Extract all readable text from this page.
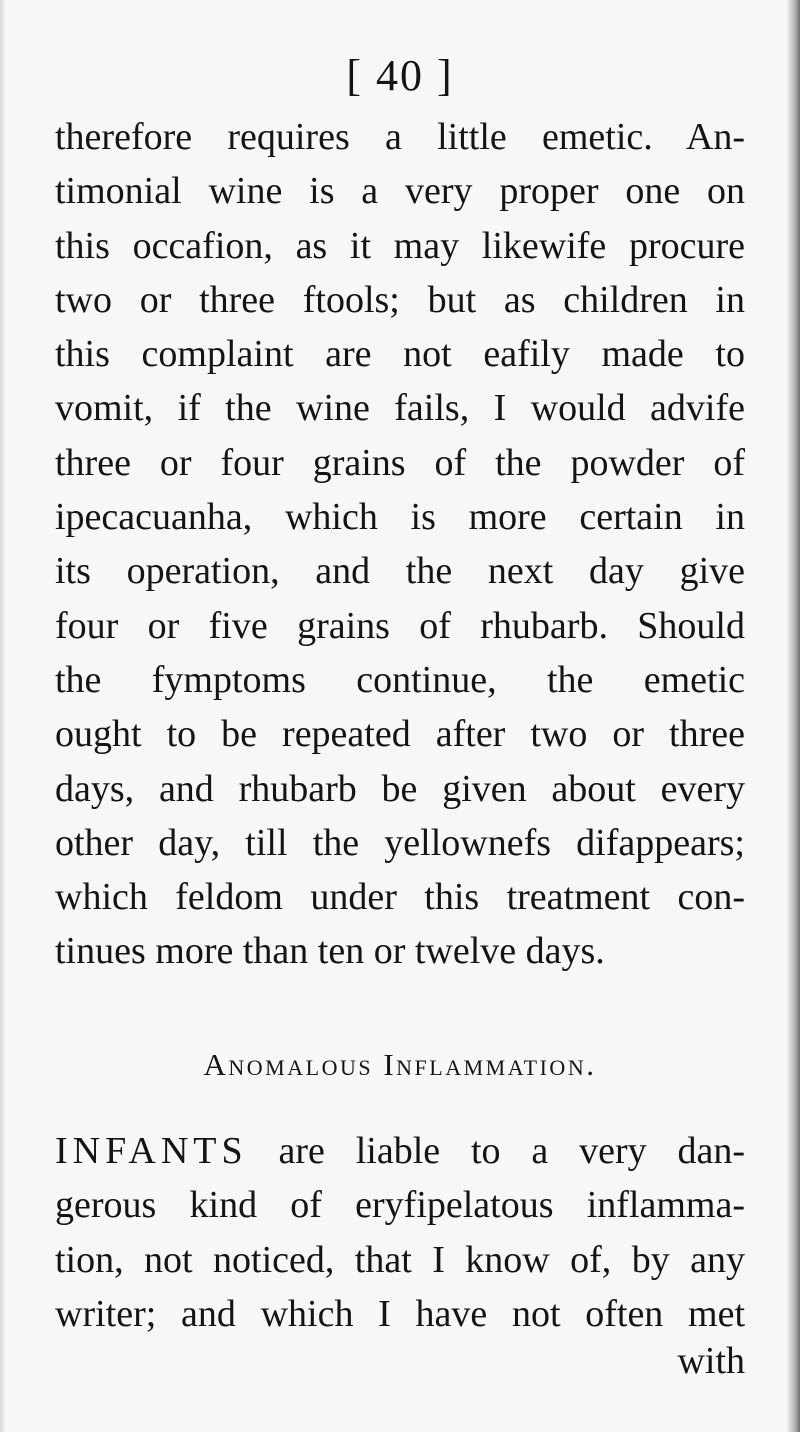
[ 40 ]
therefore requires a little emetic. An-
timonial wine is a very proper one on
this occafion, as it may likewife procure
two or three ftools; but as children in
this complaint are not eafily made to
vomit, if the wine fails, I would advife
three or four grains of the powder of
ipecacuanha, which is more certain in
its operation, and the next day give
four or five grains of rhubarb. Should
the fymptoms continue, the emetic
ought to be repeated after two or three
days, and rhubarb be given about every
other day, till the yellownefs difappears;
which feldom under this treatment con-
tinues more than ten or twelve days.
Anomalous Inflammation.
INFANTS are liable to a very dan-
gerous kind of eryfipelatous inflamma-
tion, not noticed, that I know of, by any
writer; and which I have not often met
with
